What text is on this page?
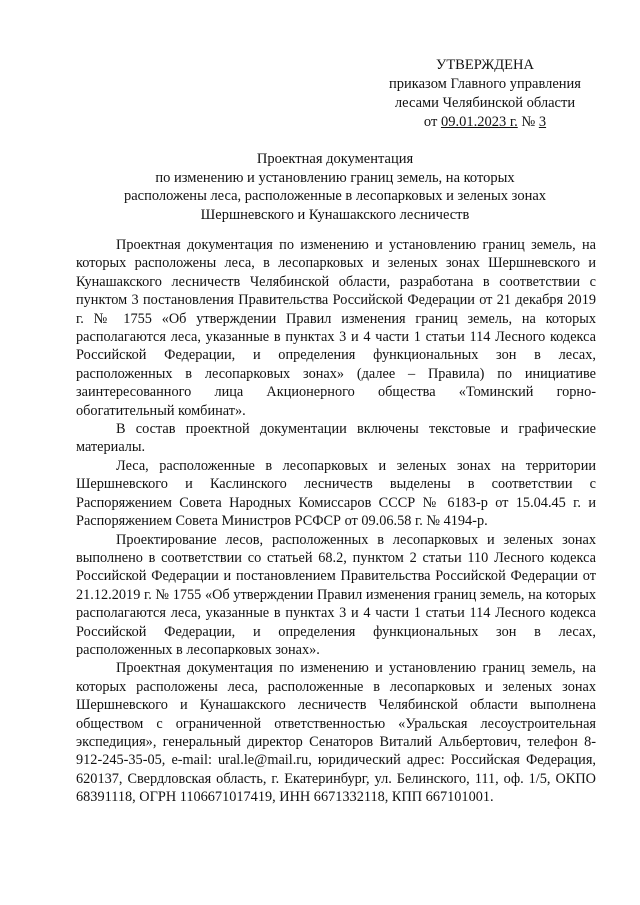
УТВЕРЖДЕНА
приказом Главного управления
лесами Челябинской области
от 09.01.2023 г. № 3
Проектная документация
по изменению и установлению границ земель, на которых
расположены леса, расположенные в лесопарковых и зеленых зонах
Шершневского и Кунашакского лесничеств

Проектная документация по изменению и установлению границ земель, на которых расположены леса, в лесопарковых и зеленых зонах Шершневского и Кунашакского лесничеств Челябинской области, разработана в соответствии с пунктом 3 постановления Правительства Российской Федерации от 21 декабря 2019 г. № 1755 «Об утверждении Правил изменения границ земель, на которых располагаются леса, указанные в пунктах 3 и 4 части 1 статьи 114 Лесного кодекса Российской Федерации, и определения функциональных зон в лесах, расположенных в лесопарковых зонах» (далее – Правила) по инициативе заинтересованного лица Акционерного общества «Томинский горно-обогатительный комбинат».

В состав проектной документации включены текстовые и графические материалы.

Леса, расположенные в лесопарковых и зеленых зонах на территории Шершневского и Каслинского лесничеств выделены в соответствии с Распоряжением Совета Народных Комиссаров СССР № 6183-р от 15.04.45 г. и Распоряжением Совета Министров РСФСР от 09.06.58 г. № 4194-р.

Проектирование лесов, расположенных в лесопарковых и зеленых зонах выполнено в соответствии со статьей 68.2, пунктом 2 статьи 110 Лесного кодекса Российской Федерации и постановлением Правительства Российской Федерации от 21.12.2019 г. № 1755 «Об утверждении Правил изменения границ земель, на которых располагаются леса, указанные в пунктах 3 и 4 части 1 статьи 114 Лесного кодекса Российской Федерации, и определения функциональных зон в лесах, расположенных в лесопарковых зонах».

Проектная документация по изменению и установлению границ земель, на которых расположены леса, расположенные в лесопарковых и зеленых зонах Шершневского и Кунашакского лесничеств Челябинской области выполнена обществом с ограниченной ответственностью «Уральская лесоустроительная экспедиция», генеральный директор Сенаторов Виталий Альбертович, телефон 8-912-245-35-05, e-mail: ural.le@mail.ru, юридический адрес: Российская Федерация, 620137, Свердловская область, г. Екатеринбург, ул. Белинского, 111, оф. 1/5, ОКПО 68391118, ОГРН 1106671017419, ИНН 6671332118, КПП 667101001.
